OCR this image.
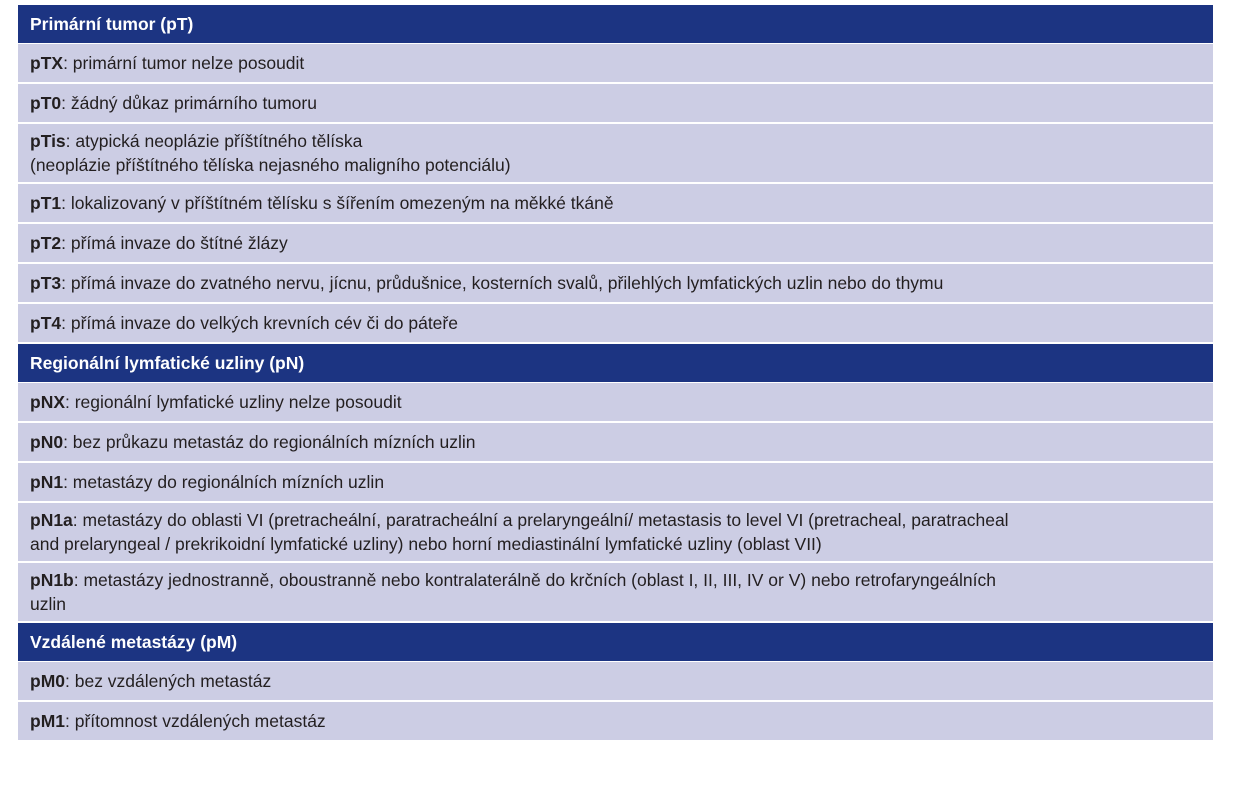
Primární tumor (pT)
pTX: primární tumor nelze posoudit
pT0: žádný důkaz primárního tumoru
pTis: atypická neoplázie příštítného tělíska
(neoplázie příštítného tělíska nejasného maligního potenciálu)
pT1: lokalizovaný v příštítném tělísku s šířením omezeným na měkké tkáně
pT2: přímá invaze do štítné žlázy
pT3: přímá invaze do zvatného nervu, jícnu, průdušnice, kosterních svalů, přilehlých lymfatických uzlin nebo do thymu
pT4: přímá invaze do velkých krevních cév či do páteře
Regionální lymfatické uzliny (pN)
pNX: regionální lymfatické uzliny nelze posoudit
pN0: bez průkazu metastáz do regionálních mízních uzlin
pN1: metastázy do regionálních mízních uzlin
pN1a: metastázy do oblasti VI (pretracheální, paratracheální a prelaryngeální/ metastasis to level VI (pretracheal, paratracheal
and prelaryngeal / prekrikoidní lymfatické uzliny) nebo horní mediastinální lymfatické uzliny (oblast VII)
pN1b: metastázy jednostranně, oboustranně nebo kontralaterálně do krčních (oblast I, II, III, IV or V) nebo retrofaryngeálních
uzlin
Vzdálené metastázy (pM)
pM0: bez vzdálených metastáz
pM1: přítomnost vzdálených metastáz
